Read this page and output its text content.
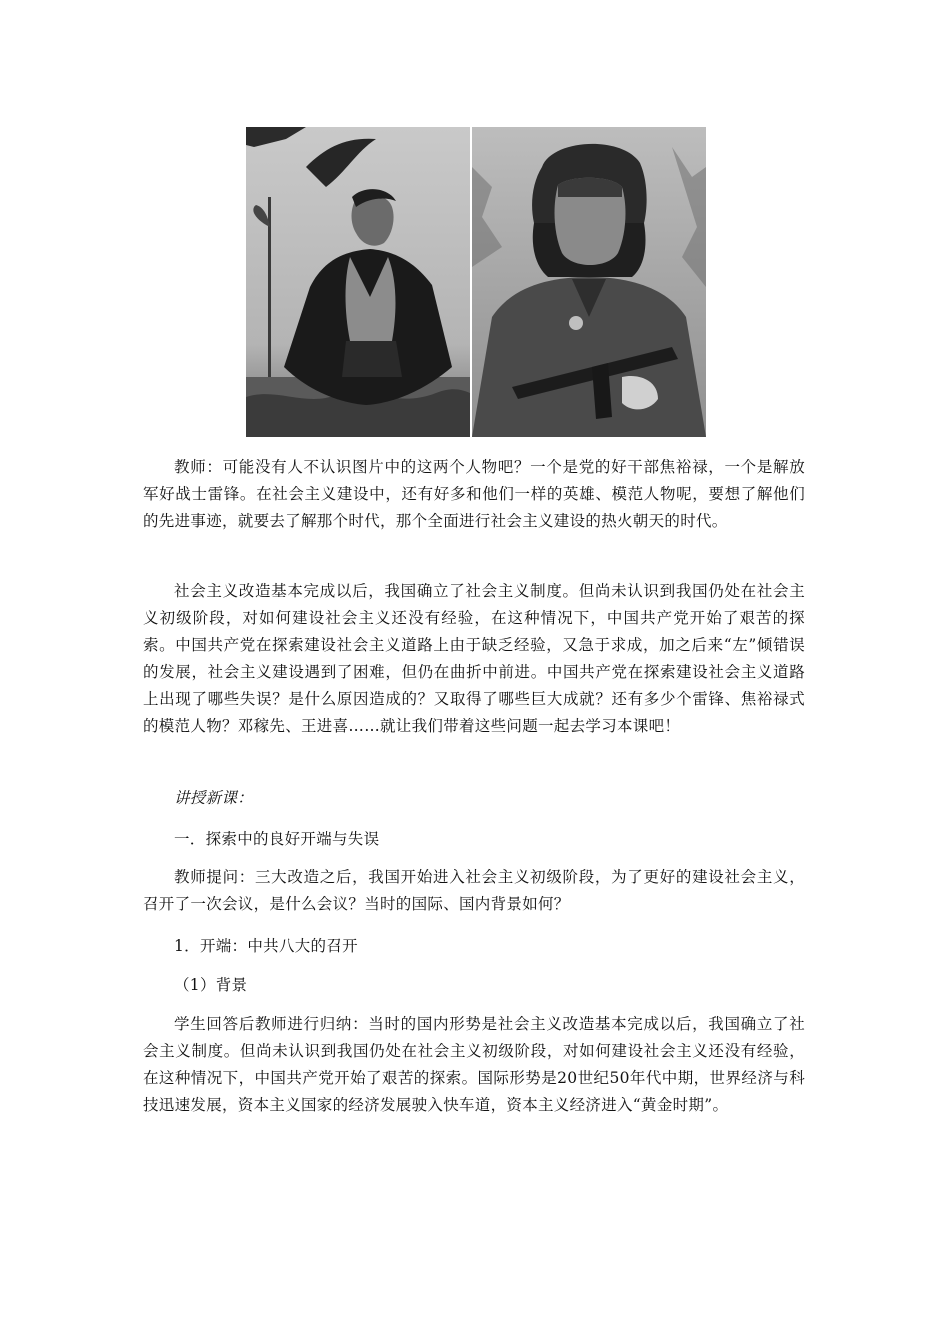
教师：可能没有人不认识图片中的这两个人物吧？一个是党的好干部焦裕禄，一个是解放军好战士雷锋。在社会主义建设中，还有好多和他们一样的英雄、模范人物呢，要想了解他们的先进事迹，就要去了解那个时代，那个全面进行社会主义建设的热火朝天的时代。

社会主义改造基本完成以后，我国确立了社会主义制度。但尚未认识到我国仍处在社会主义初级阶段，对如何建设社会主义还没有经验，在这种情况下，中国共产党开始了艰苦的探索。中国共产党在探索建设社会主义道路上由于缺乏经验，又急于求成，加之后来“左”倾错误的发展，社会主义建设遇到了困难，但仍在曲折中前进。中国共产党在探索建设社会主义道路上出现了哪些失误？是什么原因造成的？又取得了哪些巨大成就？还有多少个雷锋、焦裕禄式的模范人物？邓稼先、王进喜……就让我们带着这些问题一起去学习本课吧！

讲授新课：

一．探索中的良好开端与失误

教师提问：三大改造之后，我国开始进入社会主义初级阶段，为了更好的建设社会主义，召开了一次会议，是什么会议？当时的国际、国内背景如何？

1．开端：中共八大的召开

（1）背景

学生回答后教师进行归纳：当时的国内形势是社会主义改造基本完成以后，我国确立了社会主义制度。但尚未认识到我国仍处在社会主义初级阶段，对如何建设社会主义还没有经验，在这种情况下，中国共产党开始了艰苦的探索。国际形势是20世纪50年代中期，世界经济与科技迅速发展，资本主义国家的经济发展驶入快车道，资本主义经济进入“黄金时期”。
